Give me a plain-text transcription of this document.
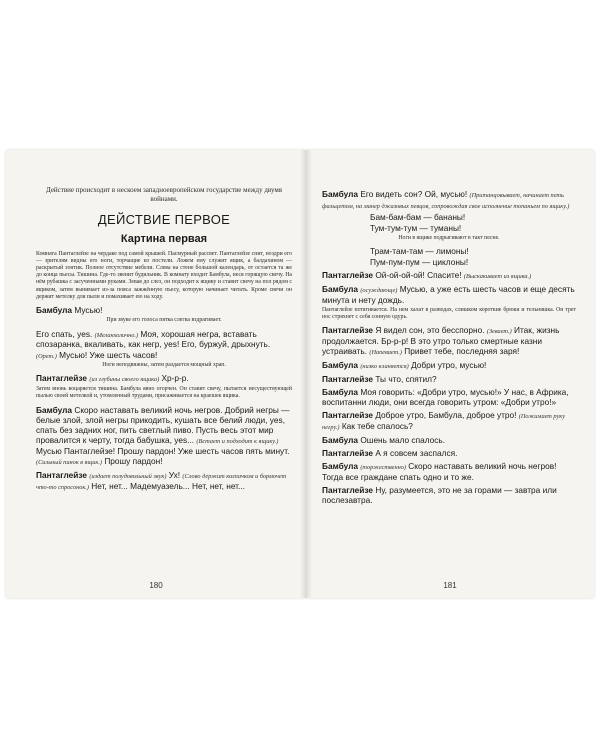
Действие происходит в нескоем западноевропейском государстве между двумя войнами.
ДЕЙСТВИЕ ПЕРВОЕ
Картина первая
Комната Пантаглейзе на чердаке под самой крышей. Пасмурный рассвет. Пантаглейзе спит, ноздри его — зрителям видны его ноги, торчащие из постели. Ложем ему служит ящик, а балдахином — раскрытый зонтик. Полное отсутствие мебели. Слева на стене большой календарь, от остается та же до конца пьесы. Тишина. Где-то звенит будильник. В комнату входит Бамбула, неся горящую свечу. На нём рубашка с засученными руками. Зевая до слез, он подходит к ящику и ставит свечу на пол рядом с ящиком, затем вынимает из-за пояса зажжённую пьесу, которую начинает читать. Кроме свечи он держит метелку для пыли и помахивает ею на ходу.
Бамбула Мусью!
При звуке его голоса пятка слегка вздрагивает.
Его спать, yes. (Меланхолично.) Моя, хорошая негра, вставать спозаранка, вкаливать, как негр, yes! Его, буржуй, дрыхнуть. (Орет.) Мусью! Уже шесть часов!
Ноги неподвижны, затем раздается мощный храп.
Пантаглейзе (из глубины своего ящика) Хр-р-р.
Затем вновь воцаряется тишина. Бамбула явно огорчен. Он ставит свечу, пытается несуществующей пылью своей метелкой и, утомленный трудами, присаживается на краешек ящика.
Бамбула Скоро наставать великий ночь негров. Добрий негры — белые злой, злой негры прикодить, кушать все белий люди, yes, спать без задних ног, пить светлый пиво. Пусть весь этот мир провалится к черту, тогда бабушка, yes... (Встает и подходит к ящику.) Мусью Пантаглейзе! Прошу пардон! Уже шесть часов пять минут. (Сильный пинок в ящик.) Прошу пардон!
Пантаглейзе (издает полудовольный звук) Ух! (Слово держит колпачком и бормочет что-то спросонок.) Нет, нет... Мадемуазель... Нет, нет, нет...
180
Бамбула Его видеть сон? Ой, мусью! (Пританцовывает, начинает петь фальцетом, на манер джазовых певцов, сопровождая свое исполнение топаньем по ящику.)
Бам-бам-бам — бананы!
Тум-тум-тум — туманы!
Ноги в ящике подрыгивают в такт песне.
Трам-там-там — лимоны!
Пум-пум-пум — циклоны!
Пантаглейзе Ой-ой-ой-ой! Спасите! (Выскакивает из ящика.)
Бамбула (осуждающе) Мусью, а уже есть шесть часов и еще десять минута и нету дождь.
Пантаглейзе потягивается. На нем халат в разводах, слишком короткие брюки и тельняшка. Он трет нос стряхнет с себя сонную одурь.
Пантаглейзе Я видел сон, это бесспорно. (Зевает.) Итак, жизнь продолжается. Бр-р-р! В это утро только смертные казни устраивать. (Напевает.) Привет тебе, последняя заря!
Бамбула (низко кланяется) Добри утро, мусью!
Пантаглейзе Ты что, спятил?
Бамбула Моя говорить: «Добри утро, мусью!» У нас, в Африка, воспитанни люди, они всегда говорить утром: «Добри утро!»
Пантаглейзе Доброе утро, Бамбула, доброе утро! (Пожимает руку негру.) Как тебе спалось?
Бамбула Ошень мало спалось.
Пантаглейзе А я совсем заспался.
Бамбула (торжественно) Скоро наставать великий ночь негров! Тогда все граждане спать одно и то же.
Пантаглейзе Ну, разумеется, это не за горами — завтра или послезавтра.
181
